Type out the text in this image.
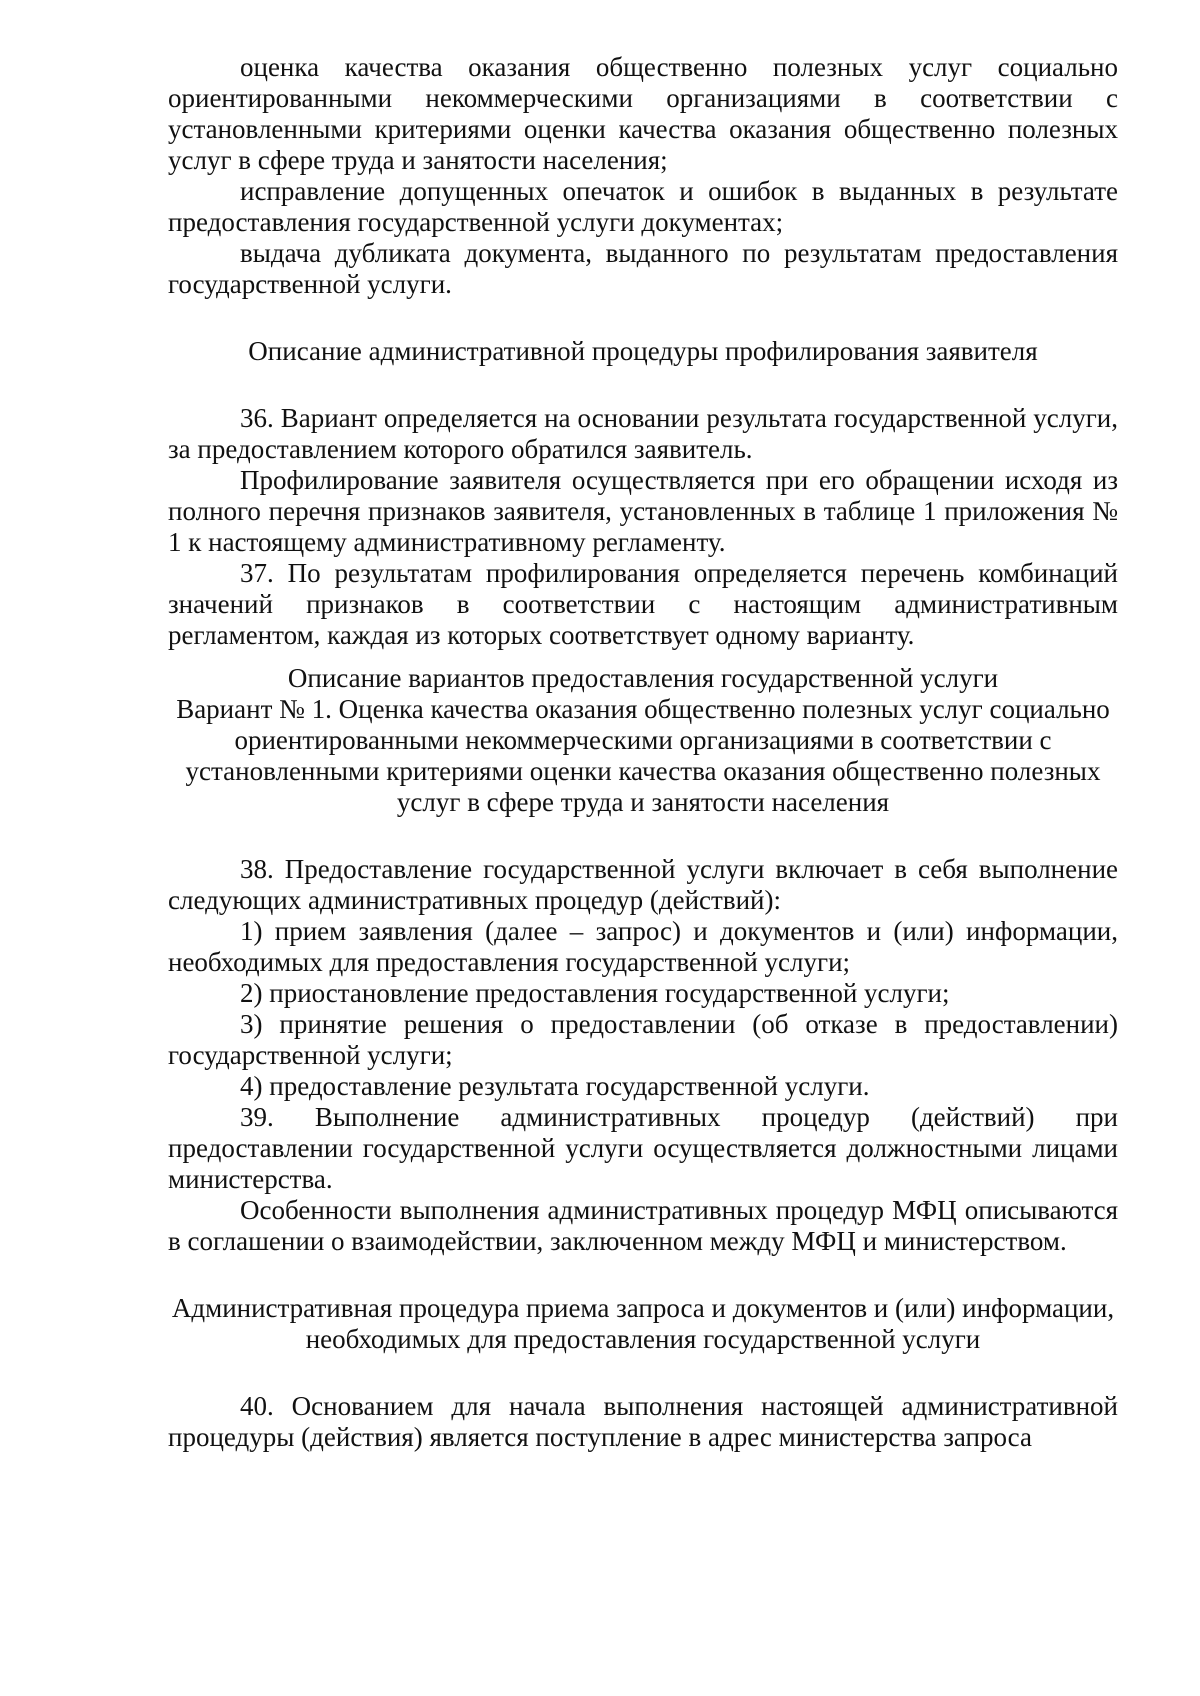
оценка качества оказания общественно полезных услуг социально ориентированными некоммерческими организациями в соответствии с установленными критериями оценки качества оказания общественно полезных услуг в сфере труда и занятости населения;

исправление допущенных опечаток и ошибок в выданных в результате предоставления государственной услуги документах;

выдача дубликата документа, выданного по результатам предоставления государственной услуги.

Описание административной процедуры профилирования заявителя

36. Вариант определяется на основании результата государственной услуги, за предоставлением которого обратился заявитель.

Профилирование заявителя осуществляется при его обращении исходя из полного перечня признаков заявителя, установленных в таблице 1 приложения № 1 к настоящему административному регламенту.

37. По результатам профилирования определяется перечень комбинаций значений признаков в соответствии с настоящим административным регламентом, каждая из которых соответствует одному варианту.

Описание вариантов предоставления государственной услуги

Вариант № 1. Оценка качества оказания общественно полезных услуг социально ориентированными некоммерческими организациями в соответствии с установленными критериями оценки качества оказания общественно полезных услуг в сфере труда и занятости населения

38. Предоставление государственной услуги включает в себя выполнение следующих административных процедур (действий):

1) прием заявления (далее – запрос) и документов и (или) информации, необходимых для предоставления государственной услуги;

2) приостановление предоставления государственной услуги;

3) принятие решения о предоставлении (об отказе в предоставлении) государственной услуги;

4) предоставление результата государственной услуги.

39. Выполнение административных процедур (действий) при предоставлении государственной услуги осуществляется должностными лицами министерства.

Особенности выполнения административных процедур МФЦ описываются в соглашении о взаимодействии, заключенном между МФЦ и министерством.

Административная процедура приема запроса и документов и (или) информации, необходимых для предоставления государственной услуги

40. Основанием для начала выполнения настоящей административной процедуры (действия) является поступление в адрес министерства запроса
